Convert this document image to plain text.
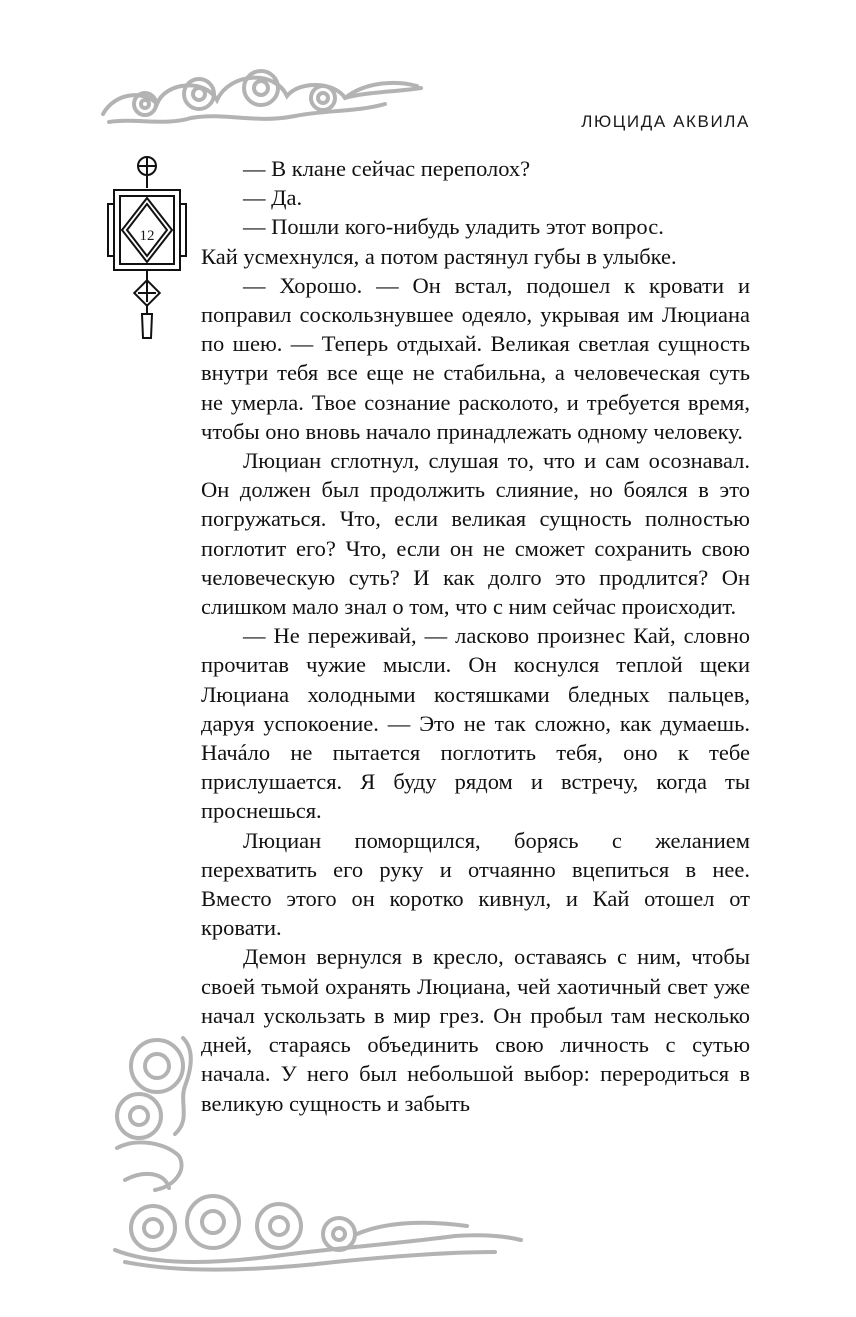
ЛЮЦИДА АКВИЛА
12

— В клане сейчас переполох?

— Да.

— Пошли кого-нибудь уладить этот вопрос.

Кай усмехнулся, а потом растянул губы в улыбке.

— Хорошо. — Он встал, подошел к кровати и поправил соскользнувшее одеяло, укрывая им Люциана по шею. — Теперь отдыхай. Великая светлая сущность внутри тебя все еще не стабильна, а человеческая суть не умерла. Твое сознание расколото, и требуется время, чтобы оно вновь начало принадлежать одному человеку.

Люциан сглотнул, слушая то, что и сам осознавал. Он должен был продолжить слияние, но боялся в это погружаться. Что, если великая сущность полностью поглотит его? Что, если он не сможет сохранить свою человеческую суть? И как долго это продлится? Он слишком мало знал о том, что с ним сейчас происходит.

— Не переживай, — ласково произнес Кай, словно прочитав чужие мысли. Он коснулся теплой щеки Люциана холодными костяшками бледных пальцев, даруя успокоение. — Это не так сложно, как думаешь. Начáло не пытается поглотить тебя, оно к тебе прислушается. Я буду рядом и встречу, когда ты проснешься.

Люциан поморщился, борясь с желанием перехватить его руку и отчаянно вцепиться в нее. Вместо этого он коротко кивнул, и Кай отошел от кровати.

Демон вернулся в кресло, оставаясь с ним, чтобы своей тьмой охранять Люциана, чей хаотичный свет уже начал ускользать в мир грез. Он пробыл там несколько дней, стараясь объединить свою личность с сутью начала. У него был небольшой выбор: переродиться в великую сущность и забыть
